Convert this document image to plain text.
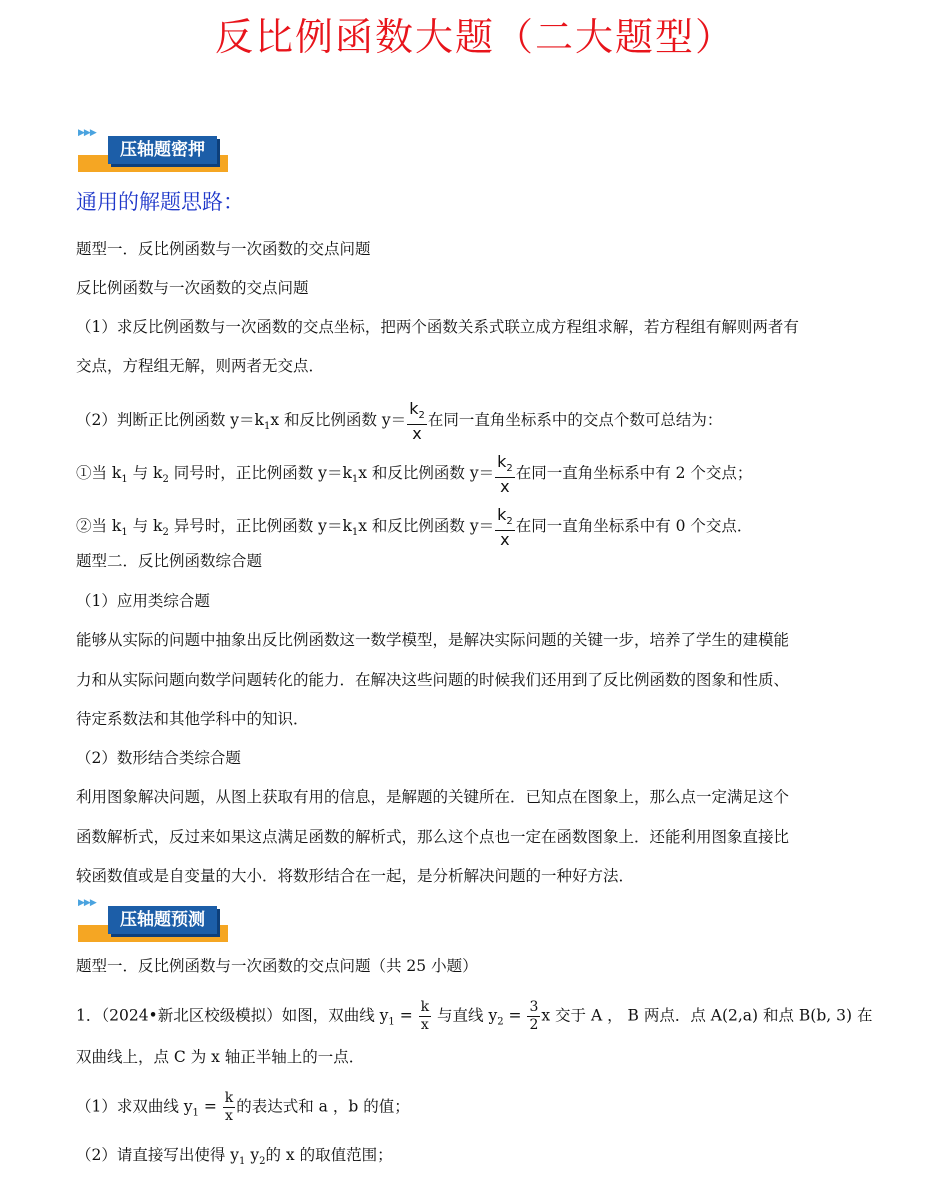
反比例函数大题（二大题型）
▶▶▶
压轴题密押
通用的解题思路：
题型一．反比例函数与一次函数的交点问题
反比例函数与一次函数的交点问题
（1）求反比例函数与一次函数的交点坐标，把两个函数关系式联立成方程组求解，若方程组有解则两者有
交点，方程组无解，则两者无交点．
（2）判断正比例函数 $y=k_1x$ 和反比例函数 $y= \frac{k_2}{x}$ 在同一直角坐标系中的交点个数可总结为：
①当 $k_1$ 与 $k_2$ 同号时，正比例函数 $y=k_1x$ 和反比例函数 $y= \frac{k_2}{x}$ 在同一直角坐标系中有 2 个交点；
②当 $k_1$ 与 $k_2$ 异号时，正比例函数 $y=k_1x$ 和反比例函数 $y= \frac{k_2}{x}$ 在同一直角坐标系中有 0 个交点．
题型二．反比例函数综合题
（1）应用类综合题
能够从实际的问题中抽象出反比例函数这一数学模型，是解决实际问题的关键一步，培养了学生的建模能
力和从实际问题向数学问题转化的能力．在解决这些问题的时候我们还用到了反比例函数的图象和性质、
待定系数法和其他学科中的知识．
（2）数形结合类综合题
利用图象解决问题，从图上获取有用的信息，是解题的关键所在．已知点在图象上，那么点一定满足这个
函数解析式，反过来如果这点满足函数的解析式，那么这个点也一定在函数图象上．还能利用图象直接比
较函数值或是自变量的大小．将数形结合在一起，是分析解决问题的一种好方法．
▶▶▶
压轴题预测
题型一．反比例函数与一次函数的交点问题（共 25 小题）
1．（2024•新北区校级模拟）如图，双曲线 $y_1 = \frac{k}{x}$ 与直线 $y_2 = \frac{3}{2}$ x 交于 A ， B 两点．点 A(2,a) 和点 B(b, 3) 在
双曲线上，点 C 为 x 轴正半轴上的一点．
（1）求双曲线 $y_1 = \frac{k}{x}$ 的表达式和 a ，b 的值；
（2）请直接写出使得 $y_1$ $y_2$的 x 的取值范围；
